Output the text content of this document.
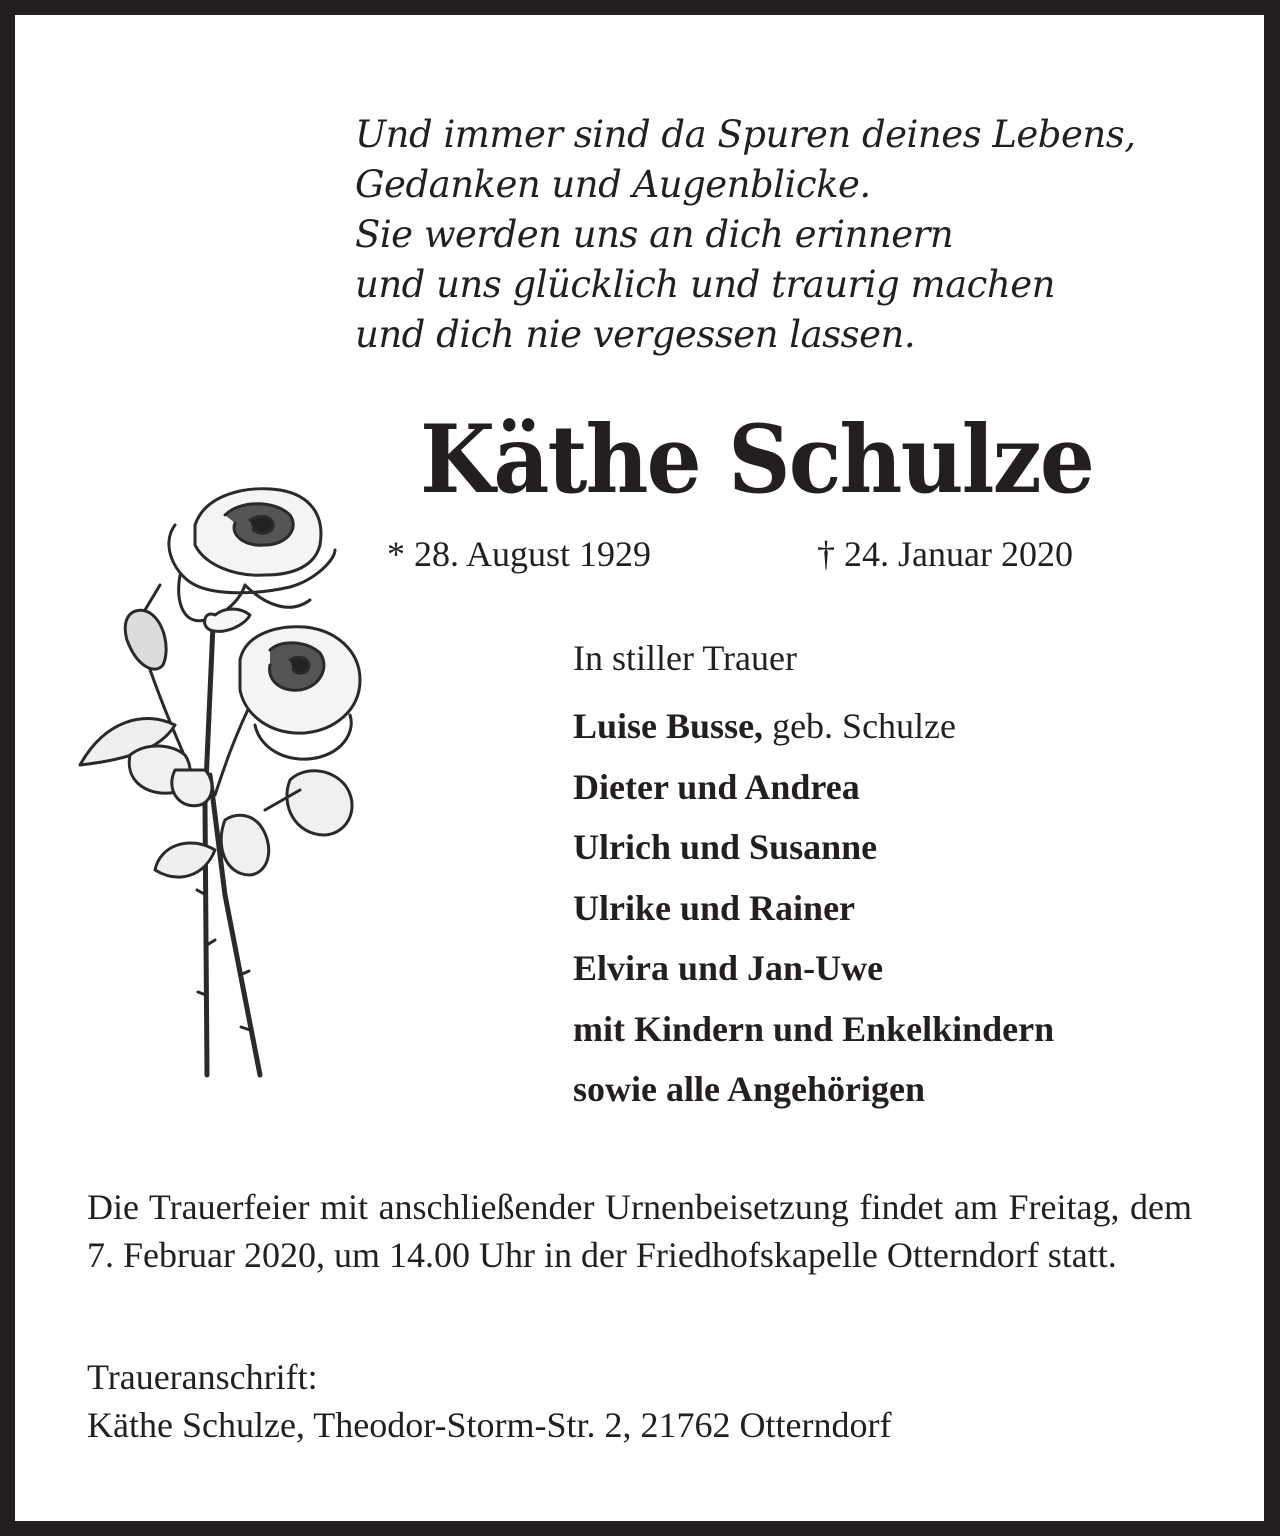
Und immer sind da Spuren deines Lebens,
Gedanken und Augenblicke.
Sie werden uns an dich erinnern
und uns glücklich und traurig machen
und dich nie vergessen lassen.
Käthe Schulze
* 28. August 1929	† 24. Januar 2020
In stiller Trauer
Luise Busse, geb. Schulze
Dieter und Andrea
Ulrich und Susanne
Ulrike und Rainer
Elvira und Jan-Uwe
mit Kindern und Enkelkindern
sowie alle Angehörigen
Die Trauerfeier mit anschließender Urnenbeisetzung findet am Freitag, dem 7. Februar 2020, um 14.00 Uhr in der Friedhofskapelle Otterndorf statt.
Traueranschrift:
Käthe Schulze, Theodor-Storm-Str. 2, 21762 Otterndorf
